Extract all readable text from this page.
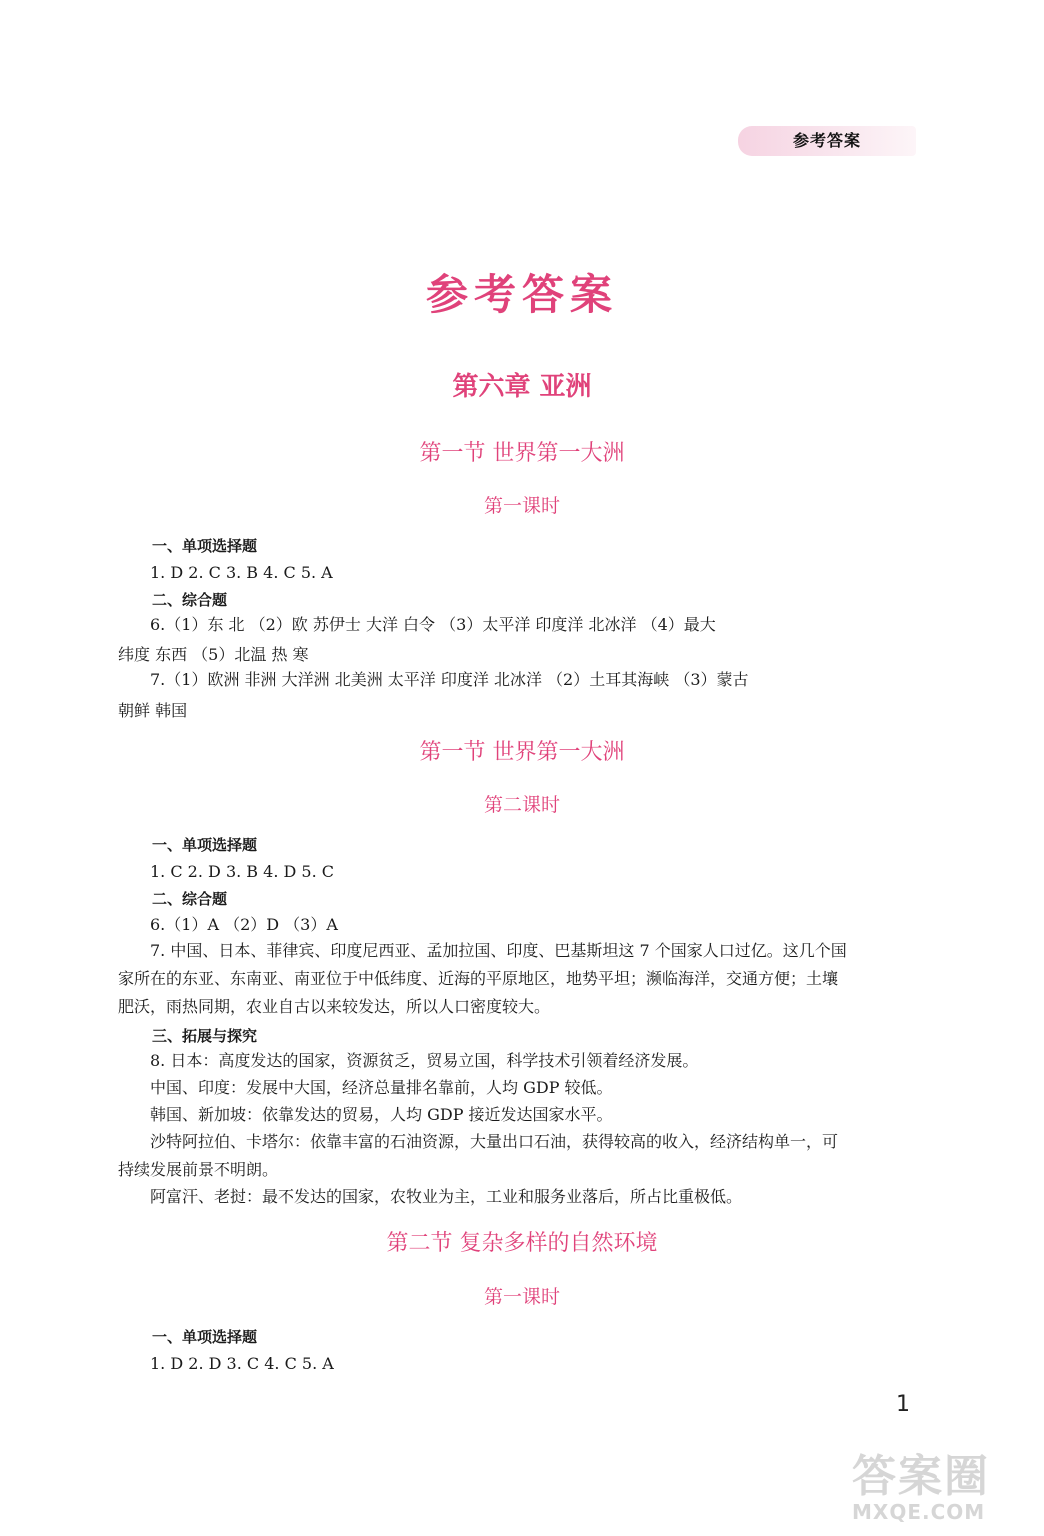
参考答案
参考答案
第六章 亚洲
第一节 世界第一大洲
第一课时
一、单项选择题
1. D 2. C 3. B 4. C 5. A
二、综合题
6.（1）东 北 （2）欧 苏伊士 大洋 白令 （3）太平洋 印度洋 北冰洋 （4）最大
纬度 东西 （5）北温 热 寒
7.（1）欧洲 非洲 大洋洲 北美洲 太平洋 印度洋 北冰洋 （2）土耳其海峡 （3）蒙古
朝鲜 韩国
第一节 世界第一大洲
第二课时
一、单项选择题
1. C 2. D 3. B 4. D 5. C
二、综合题
6.（1）A （2）D （3）A
7. 中国、日本、菲律宾、印度尼西亚、孟加拉国、印度、巴基斯坦这 7 个国家人口过亿。这几个国
家所在的东亚、东南亚、南亚位于中低纬度、近海的平原地区，地势平坦；濒临海洋，交通方便；土壤
肥沃，雨热同期，农业自古以来较发达，所以人口密度较大。
三、拓展与探究
8. 日本：高度发达的国家，资源贫乏，贸易立国，科学技术引领着经济发展。
中国、印度：发展中大国，经济总量排名靠前，人均 GDP 较低。
韩国、新加坡：依靠发达的贸易，人均 GDP 接近发达国家水平。
沙特阿拉伯、卡塔尔：依靠丰富的石油资源，大量出口石油，获得较高的收入，经济结构单一，可
持续发展前景不明朗。
阿富汗、老挝：最不发达的国家，农牧业为主，工业和服务业落后，所占比重极低。
第二节 复杂多样的自然环境
第一课时
一、单项选择题
1. D 2. D 3. C 4. C 5. A
1
答案圈
MXQE.COM
